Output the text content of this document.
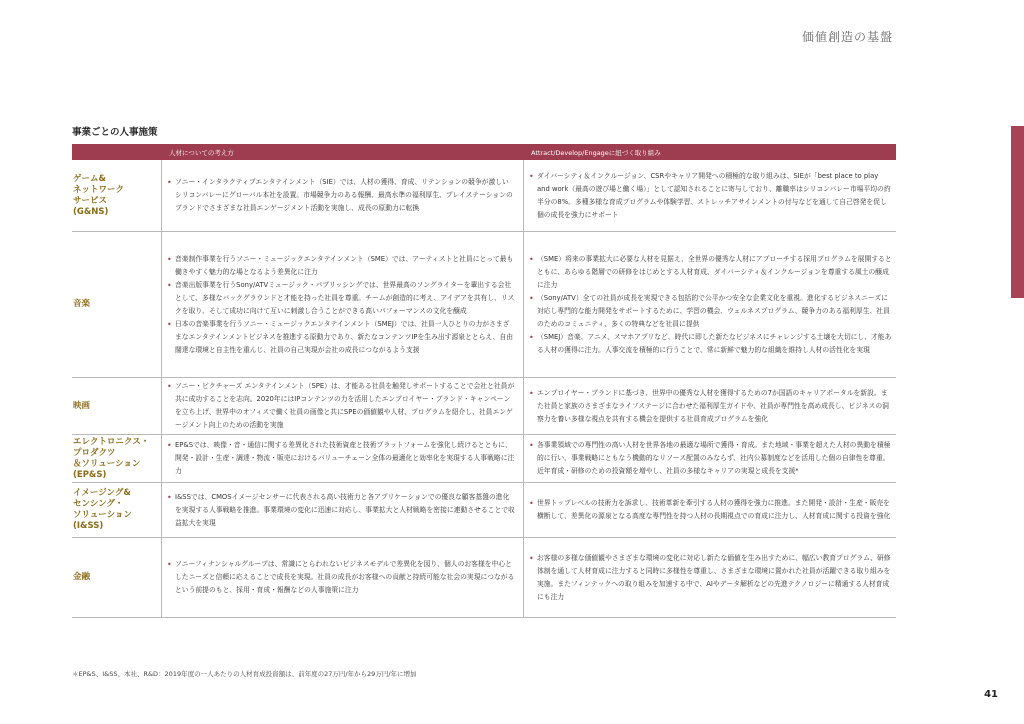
価値創造の基盤
事業ごとの人事施策
人材についての考え方	Attract/Develop/Engageに紐づく取り組み
ゲーム&
ネットワーク
サービス
(G&NS)
• ソニー・インタラクティブエンタテインメント（SIE）では、人材の獲得、育成、リテンションの競争が激しいシリコンバレーにグローバル本社を設置。市場競争力のある報酬、最高水準の福利厚生、プレイステーションのブランドでさまざまな社員エンゲージメント活動を実施し、成長の原動力に転換
• ダイバーシティ＆インクルージョン、CSRやキャリア開発への積極的な取り組みは、SIEが「best place to play and work（最高の遊び場と働く場）」として認知されることに寄与しており、離職率はシリコンバレー市場平均の約半分の8%。多種多様な育成プログラムや体験学習、ストレッチアサインメントの付与などを通して自己啓発を促し個の成長を強力にサポート
音楽
• 音楽制作事業を行うソニー・ミュージックエンタテインメント（SME）では、アーティストと社員にとって最も働きやすく魅力的な場となるよう差異化に注力
• 音楽出版事業を行うSony/ATVミュージック・パブリッシングでは、世界最高のソングライターを輩出する会社として、多様なバックグラウンドと才能を持った社員を尊重。チームが創造的に考え、アイデアを共有し、リスクを取り、そして成功に向けて互いに刺激し合うことができる高いパフォーマンスの文化を醸成
• 日本の音楽事業を行うソニー・ミュージックエンタテインメント（SMEJ）では、社員一人ひとりの力がさまざまなエンタテインメントビジネスを推進する原動力であり、新たなコンテンツIPを生み出す源泉ととらえ、自由闊達な環境と自主性を重んじ、社員の自己実現が会社の成長につながるよう支援
• （SME）将来の事業拡大に必要な人材を見据え、全世界の優秀な人材にアプローチする採用プログラムを展開するとともに、あらゆる階層での研修をはじめとする人材育成、ダイバーシティ＆インクルージョンを尊重する風土の醸成に注力
• （Sony/ATV）全ての社員が成長を実現できる包括的で公平かつ安全な企業文化を重視。進化するビジネスニーズに対応し専門的な能力開発をサポートするために、学習の機会、ウェルネスプログラム、競争力のある福利厚生、社員のためのコミュニティ、多くの特典などを社員に提供
• （SMEJ）音楽、アニメ、スマホアプリなど、時代に即した新たなビジネスにチャレンジする土壌を大切にし、才能ある人材の獲得に注力。人事交流を積極的に行うことで、常に新鮮で魅力的な組織を維持し人材の活性化を実現
映画
• ソニー・ピクチャーズ エンタテインメント（SPE）は、才能ある社員を触発しサポートすることで会社と社員が共に成功することを志向。2020年にはIPコンテンツの力を活用したエンプロイヤー・ブランド・キャンペーンを立ち上げ、世界中のオフィスで働く社員の画像と共にSPEの価値観や人材、プログラムを紹介し、社員エンゲージメント向上のための活動を実施
• エンプロイヤー・ブランドに基づき、世界中の優秀な人材を獲得するための7か国語のキャリアポータルを新設。また社員と家族のさまざまなライフステージに合わせた福利厚生ガイドや、社員が専門性を高め成長し、ビジネスの洞察力を養い多様な視点を共有する機会を提供する社員育成プログラムを強化
エレクトロニクス・
プロダクツ
＆ソリューション
(EP&S)
• EP&Sでは、映像・音・通信に関する差異化された技術資産と技術プラットフォームを強化し続けるとともに、開発・設計・生産・調達・物流・販売におけるバリューチェーン全体の最適化と効率化を実現する人事戦略に注力
• 各事業領域での専門性の高い人材を世界各地の最適な場所で獲得・育成。また地域・事業を超えた人材の異動を積極的に行い、事業戦略にともなう機動的なリソース配置のみならず、社内公募制度などを活用した個の自律性を尊重。近年育成・研修のための投資額を増やし、社員の多様なキャリアの実現と成長を支援*
イメージング&
センシング・
ソリューション
(I&SS)
• I&SSでは、CMOSイメージセンサーに代表される高い技術力と各アプリケーションでの優良な顧客基盤の進化を実現する人事戦略を推進。事業環境の変化に迅速に対応し、事業拡大と人材戦略を密接に連動させることで収益拡大を実現
• 世界トップレベルの技術力を訴求し、技術革新を牽引する人材の獲得を強力に推進。また開発・設計・生産・販売を横断して、差異化の源泉となる高度な専門性を持つ人材の長期視点での育成に注力し、人材育成に関する投資を強化
金融
• ソニーフィナンシャルグループは、常識にとらわれないビジネスモデルで差異化を図り、個人のお客様を中心としたニーズと信頼に応えることで成長を実現。社員の成長がお客様への貢献と持続可能な社会の実現につながるという前提のもと、採用・育成・報酬などの人事施策に注力
• お客様の多様な価値観やさまざまな環境の変化に対応し新たな価値を生み出すために、幅広い教育プログラム、研修体制を通して人材育成に注力すると同時に多様性を尊重し、さまざまな環境に置かれた社員が活躍できる取り組みを実施。またフィンテックへの取り組みを加速する中で、AIやデータ解析などの先進テクノロジーに精通する人材育成にも注力
＊EP&S、I&SS、本社、R&D：2019年度の一人あたりの人材育成投資額は、前年度の27万円/年から29万円/年に増加
41
